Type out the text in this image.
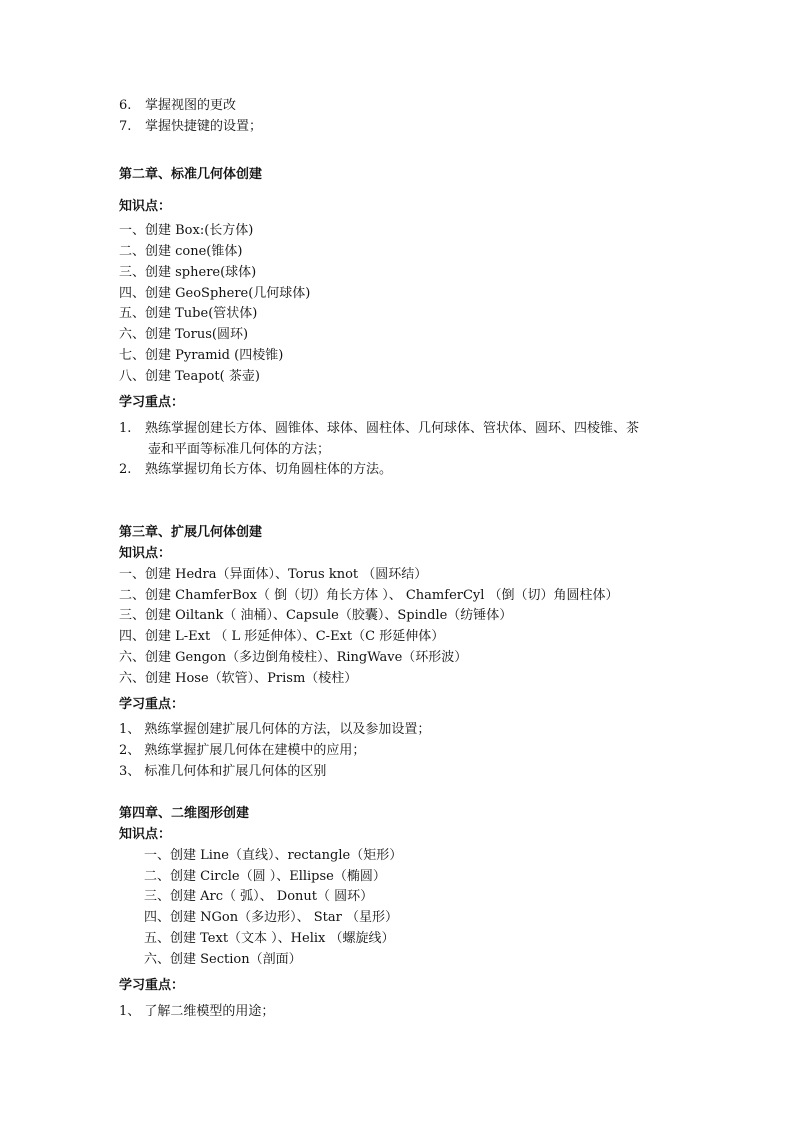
6. 掌握视图的更改
7. 掌握快捷键的设置；
第二章、标准几何体创建
知识点：
一、创建 Box:(长方体)
二、创建 cone(锥体)
三、创建 sphere(球体)
四、创建 GeoSphere(几何球体)
五、创建 Tube(管状体)
六、创建 Torus(圆环)
七、创建 Pyramid (四棱锥)
八、创建 Teapot( 茶壶)
学习重点：
1. 熟练掌握创建长方体、圆锥体、球体、圆柱体、几何球体、管状体、圆环、四棱锥、茶
壶和平面等标准几何体的方法；
2. 熟练掌握切角长方体、切角圆柱体的方法。
第三章、扩展几何体创建
知识点：
一、创建 Hedra（异面体）、Torus knot （圆环结）
二、创建 ChamferBox（ 倒（切）角长方体 ）、 ChamferCyl （倒（切）角圆柱体）
三、创建 Oiltank（ 油桶）、Capsule（胶囊）、Spindle（纺锤体）
四、创建 L-Ext （ L 形延伸体）、C-Ext（C 形延伸体）
六、创建 Gengon（多边倒角棱柱）、RingWave（环形波）
六、创建 Hose（软管）、Prism（棱柱）
学习重点：
1、 熟练掌握创建扩展几何体的方法，以及参加设置；
2、 熟练掌握扩展几何体在建模中的应用；
3、 标准几何体和扩展几何体的区别
第四章、二维图形创建
知识点：
一、创建 Line（直线）、rectangle（矩形）
二、创建 Circle（圆 ）、Ellipse（椭圆）
三、创建 Arc（ 弧）、 Donut（ 圆环）
四、创建 NGon（多边形）、 Star （星形）
五、创建 Text（文本 ）、Helix （螺旋线）
六、创建 Section（剖面）
学习重点：
1、 了解二维模型的用途；
